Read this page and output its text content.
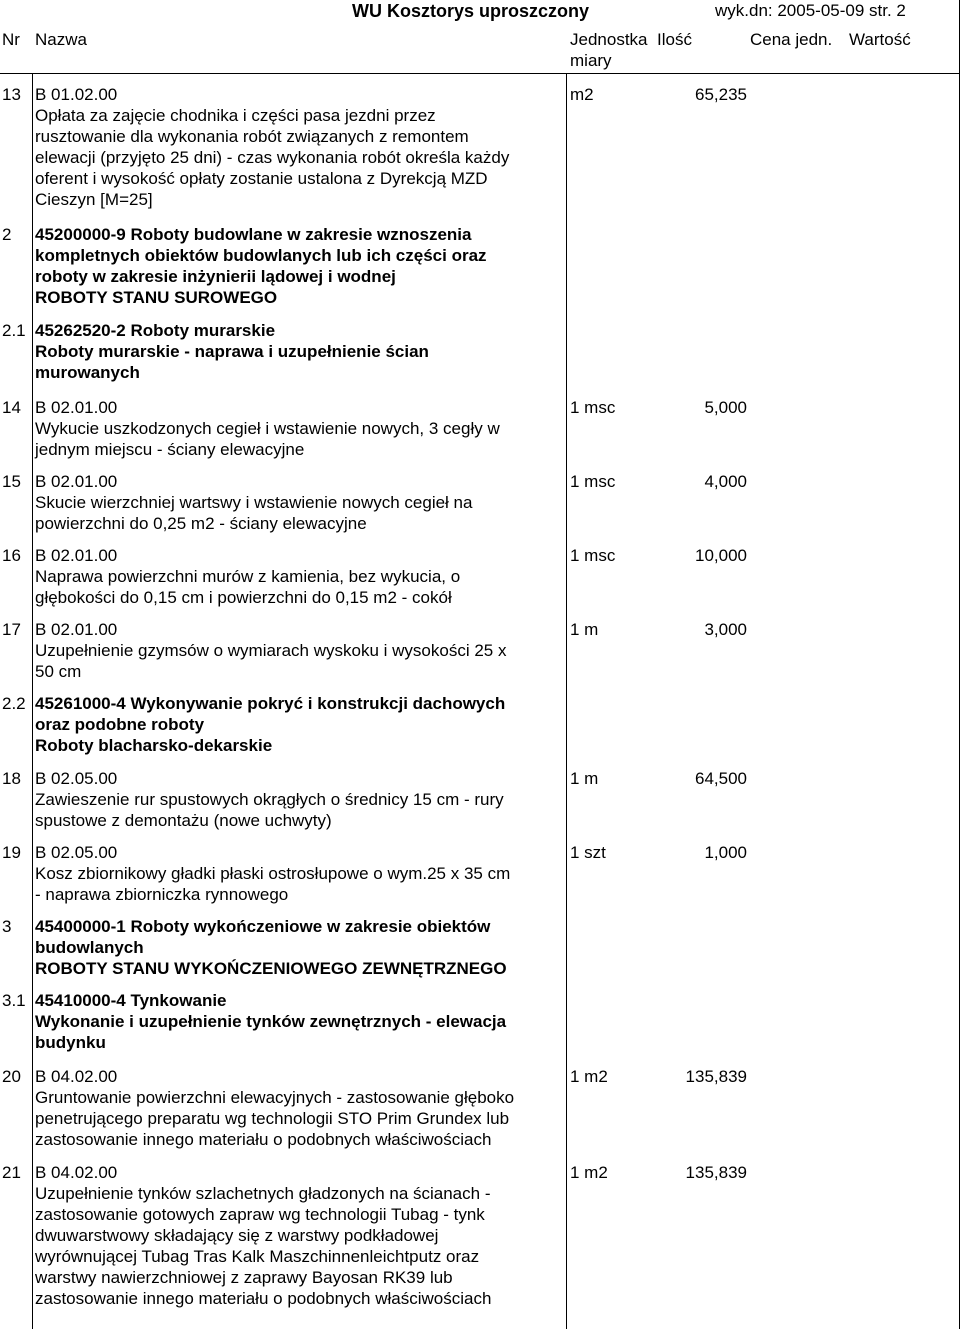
WU Kosztorys uproszczony	wyk.dn: 2005-05-09 str. 2
Nr Nazwa	Jednostka
miary
Ilość	Cena jedn. Wartość
13 B 01.02.00

Opłata za zajęcie chodnika i części pasa jezdni przez

rusztowanie dla wykonania robót związanych z remontem

elewacji (przyjęto 25 dni) - czas wykonania robót określa każdy

oferent i wysokość opłaty zostanie ustalona z Dyrekcją MZD

Cieszyn [M=25]

m2	65,235
2 45200000-9 Roboty budowlane w zakresie wznoszenia

kompletnych obiektów budowlanych lub ich części oraz

roboty w zakresie inżynierii lądowej i wodnej

ROBOTY STANU SUROWEGO

2.1 45262520-2 Roboty murarskie

Roboty murarskie - naprawa i uzupełnienie ścian

murowanych

14 B 02.01.00

Wykucie uszkodzonych cegieł i wstawienie nowych, 3 cegły w

jednym miejscu - ściany elewacyjne

1 msc	5,000
15 B 02.01.00

Skucie wierzchniej wartswy i wstawienie nowych cegieł na

powierzchni do 0,25 m2 - ściany elewacyjne

1 msc	4,000
16 B 02.01.00

Naprawa powierzchni murów z kamienia, bez wykucia, o

głębokości do 0,15 cm i powierzchni do 0,15 m2 - cokół

1 msc	10,000
17 B 02.01.00

Uzupełnienie gzymsów o wymiarach wyskoku i wysokości 25 x

50 cm

1 m	3,000
2.2 45261000-4 Wykonywanie pokryć i konstrukcji dachowych

oraz podobne roboty

Roboty blacharsko-dekarskie

18 B 02.05.00

Zawieszenie rur spustowych okrągłych o średnicy 15 cm - rury

spustowe z demontażu (nowe uchwyty)

1 m	64,500
19 B 02.05.00

Kosz zbiornikowy gładki płaski ostrosłupowe o wym.25 x 35 cm

- naprawa zbiorniczka rynnowego

1 szt	1,000
3 45400000-1 Roboty wykończeniowe w zakresie obiektów

budowlanych

ROBOTY STANU WYKOŃCZENIOWEGO ZEWNĘTRZNEGO

3.1 45410000-4 Tynkowanie

Wykonanie i uzupełnienie tynków zewnętrznych - elewacja

budynku

20 B 04.02.00

Gruntowanie powierzchni elewacyjnych - zastosowanie głęboko

penetrującego preparatu wg technologii STO Prim Grundex lub

zastosowanie innego materiału o podobnych właściwościach

1 m2	135,839
21 B 04.02.00

Uzupełnienie tynków szlachetnych gładzonych na ścianach -

zastosowanie gotowych zapraw wg technologii Tubag - tynk

dwuwarstwowy składający się z warstwy podkładowej

wyrównującej Tubag Tras Kalk Maszchinnenleichtputz oraz

warstwy nawierzchniowej z zaprawy Bayosan RK39 lub

zastosowanie innego materiału o podobnych właściwościach

1 m2	135,839
